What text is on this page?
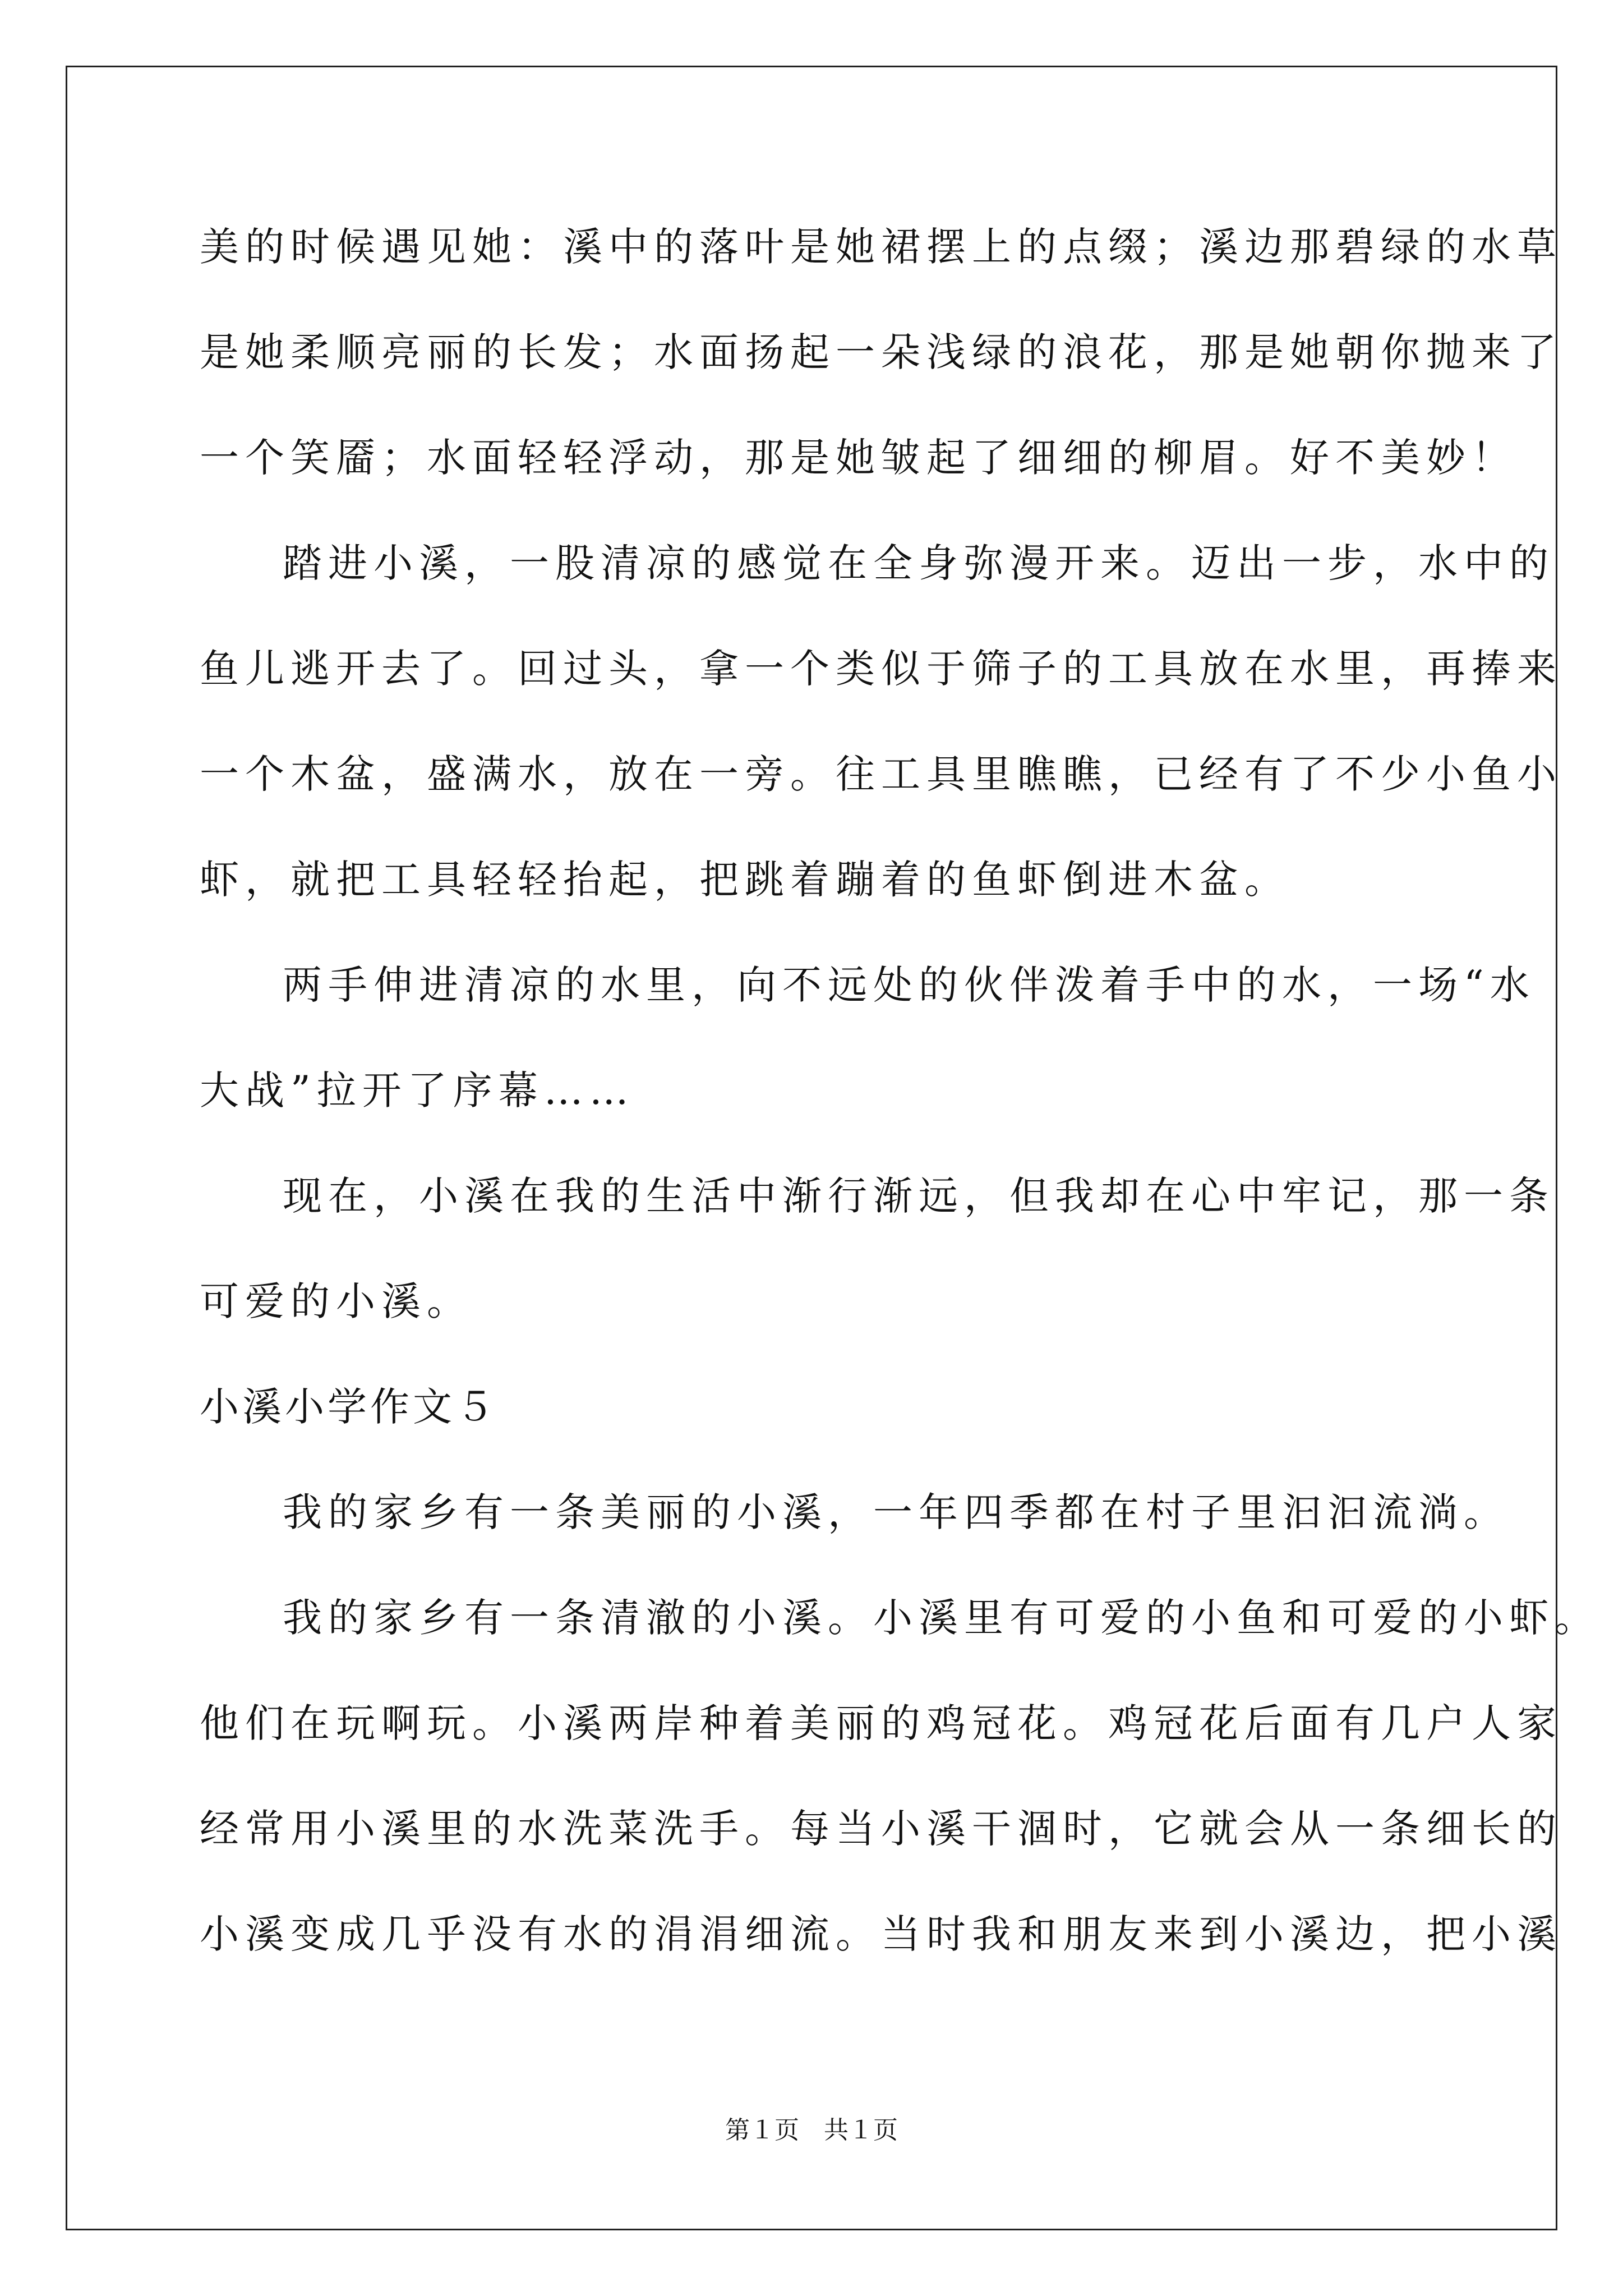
美的时候遇见她：溪中的落叶是她裙摆上的点缀；溪边那碧绿的水草
是她柔顺亮丽的长发；水面扬起一朵浅绿的浪花，那是她朝你抛来了
一个笑靥；水面轻轻浮动，那是她皱起了细细的柳眉。好不美妙！
踏进小溪，一股清凉的感觉在全身弥漫开来。迈出一步，水中的
鱼儿逃开去了。回过头，拿一个类似于筛子的工具放在水里，再捧来
一个木盆，盛满水，放在一旁。往工具里瞧瞧，已经有了不少小鱼小
虾，就把工具轻轻抬起，把跳着蹦着的鱼虾倒进木盆。
两手伸进清凉的水里，向不远处的伙伴泼着手中的水，一场“水
大战”拉开了序幕……
现在，小溪在我的生活中渐行渐远，但我却在心中牢记，那一条
可爱的小溪。
小溪小学作文５
我的家乡有一条美丽的小溪，一年四季都在村子里汩汩流淌。
我的家乡有一条清澈的小溪。小溪里有可爱的小鱼和可爱的小虾。
他们在玩啊玩。小溪两岸种着美丽的鸡冠花。鸡冠花后面有几户人家
经常用小溪里的水洗菜洗手。每当小溪干涸时，它就会从一条细长的
小溪变成几乎没有水的涓涓细流。当时我和朋友来到小溪边，把小溪
第１页　共１页
